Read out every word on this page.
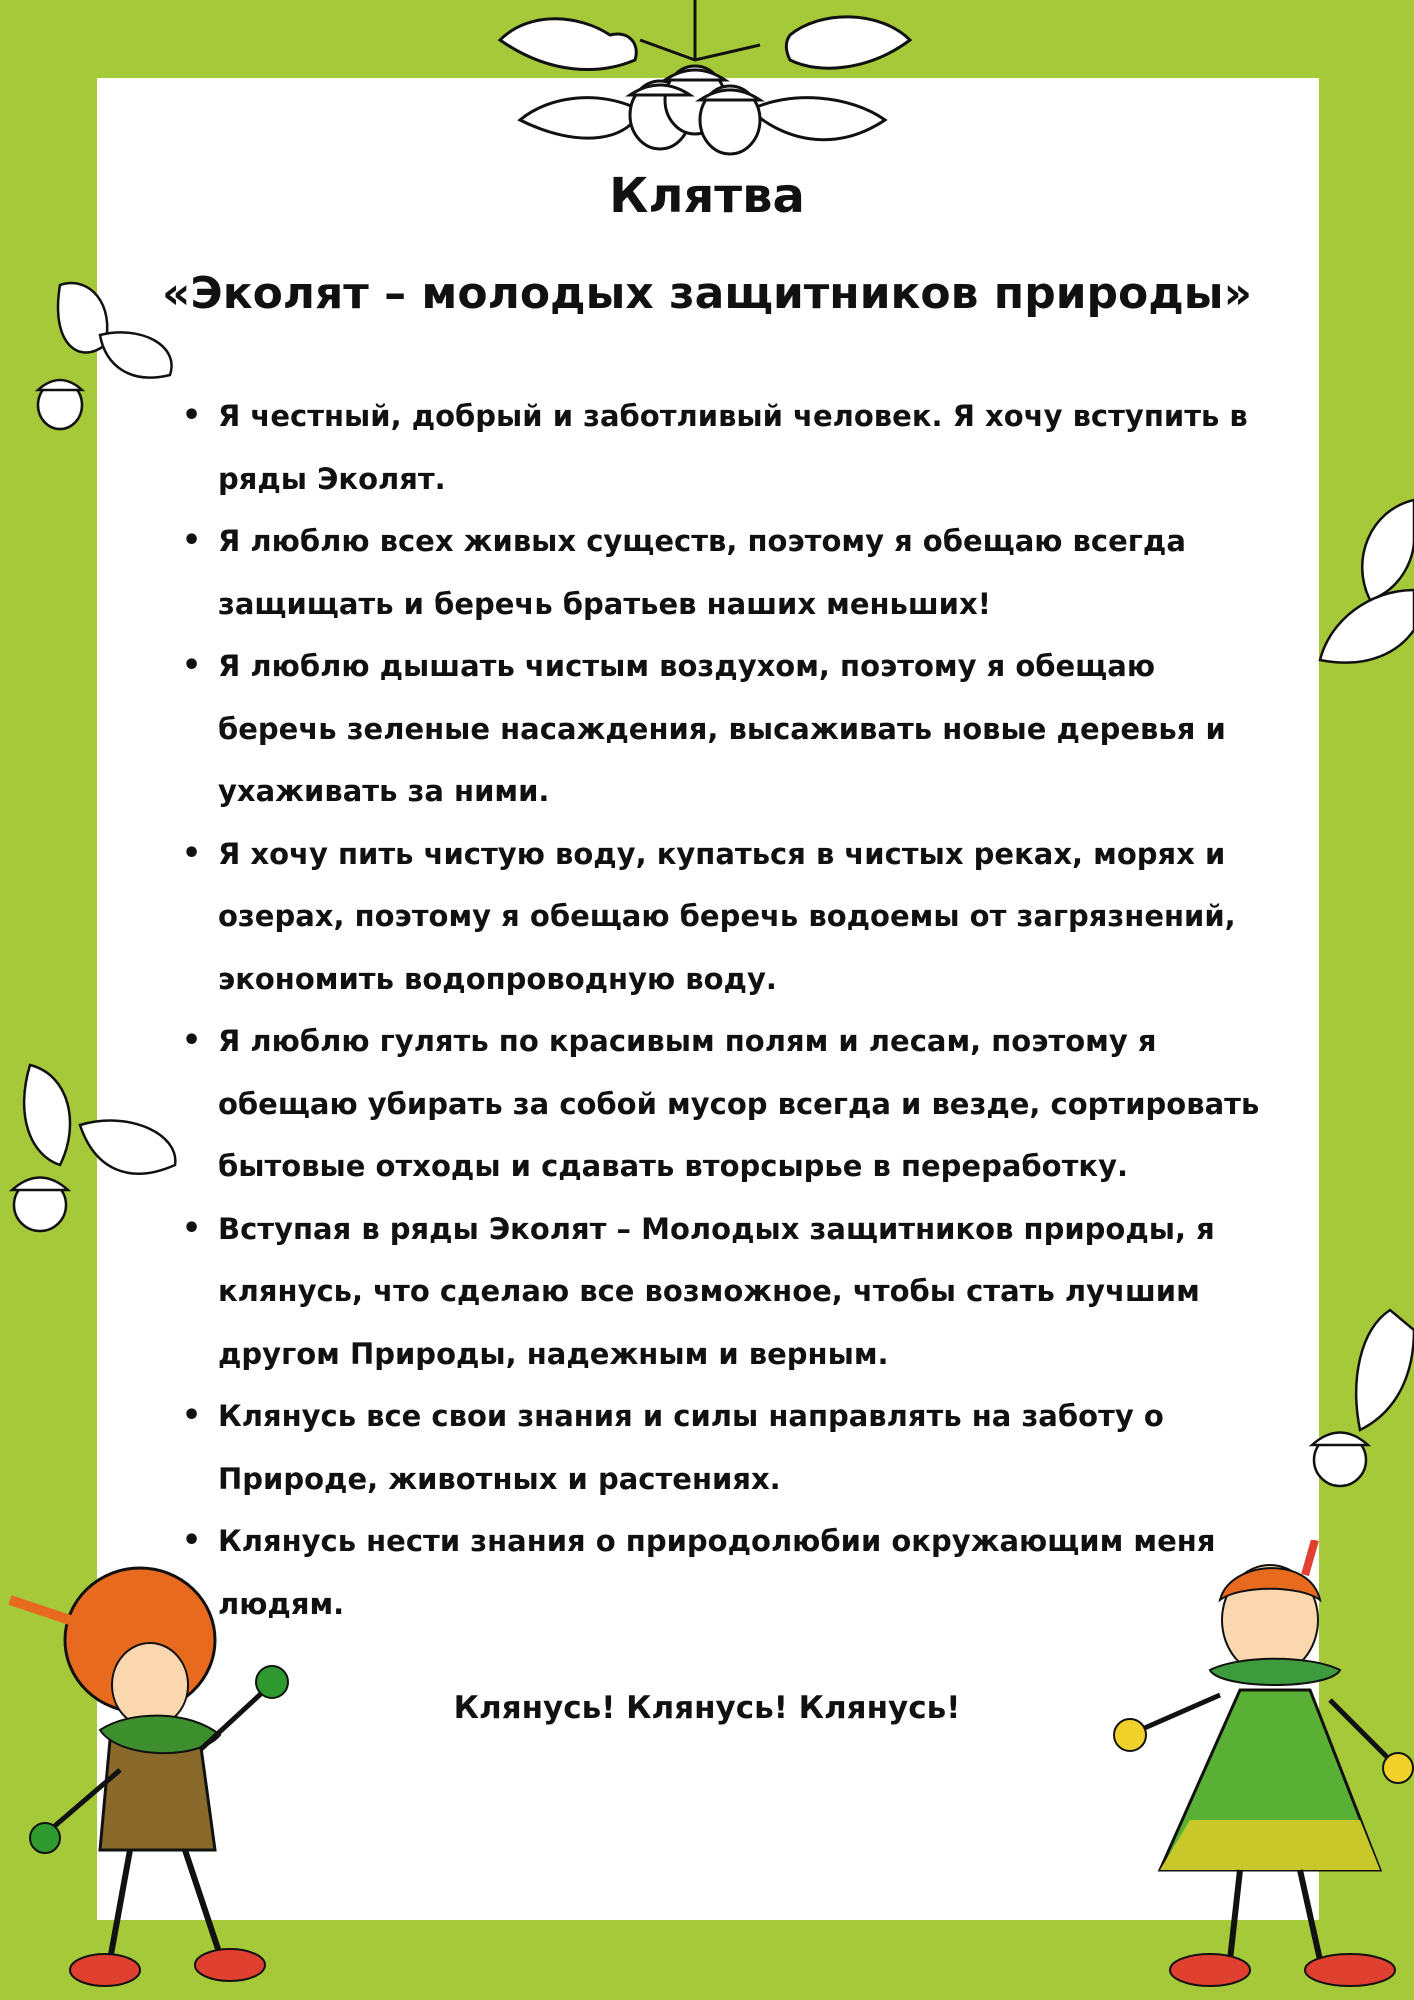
Клятва
«Эколят – молодых защитников природы»
• Я честный, добрый и заботливый человек. Я хочу вступить в ряды Эколят.
• Я люблю всех живых существ, поэтому я обещаю всегда защищать и беречь братьев наших меньших!
• Я люблю дышать чистым воздухом, поэтому я обещаю беречь зеленые насаждения, высаживать новые деревья и ухаживать за ними.
• Я хочу пить чистую воду, купаться в чистых реках, морях и озерах, поэтому я обещаю беречь водоемы от загрязнений, экономить водопроводную воду.
• Я люблю гулять по красивым полям и лесам, поэтому я обещаю убирать за собой мусор всегда и везде, сортировать бытовые отходы и сдавать вторсырье в переработку.
• Вступая в ряды Эколят – Молодых защитников природы, я клянусь, что сделаю все возможное, чтобы стать лучшим другом Природы, надежным и верным.
• Клянусь все свои знания и силы направлять на заботу о Природе, животных и растениях.
• Клянусь нести знания о природолюбии окружающим меня людям.
Клянусь! Клянусь! Клянусь!
